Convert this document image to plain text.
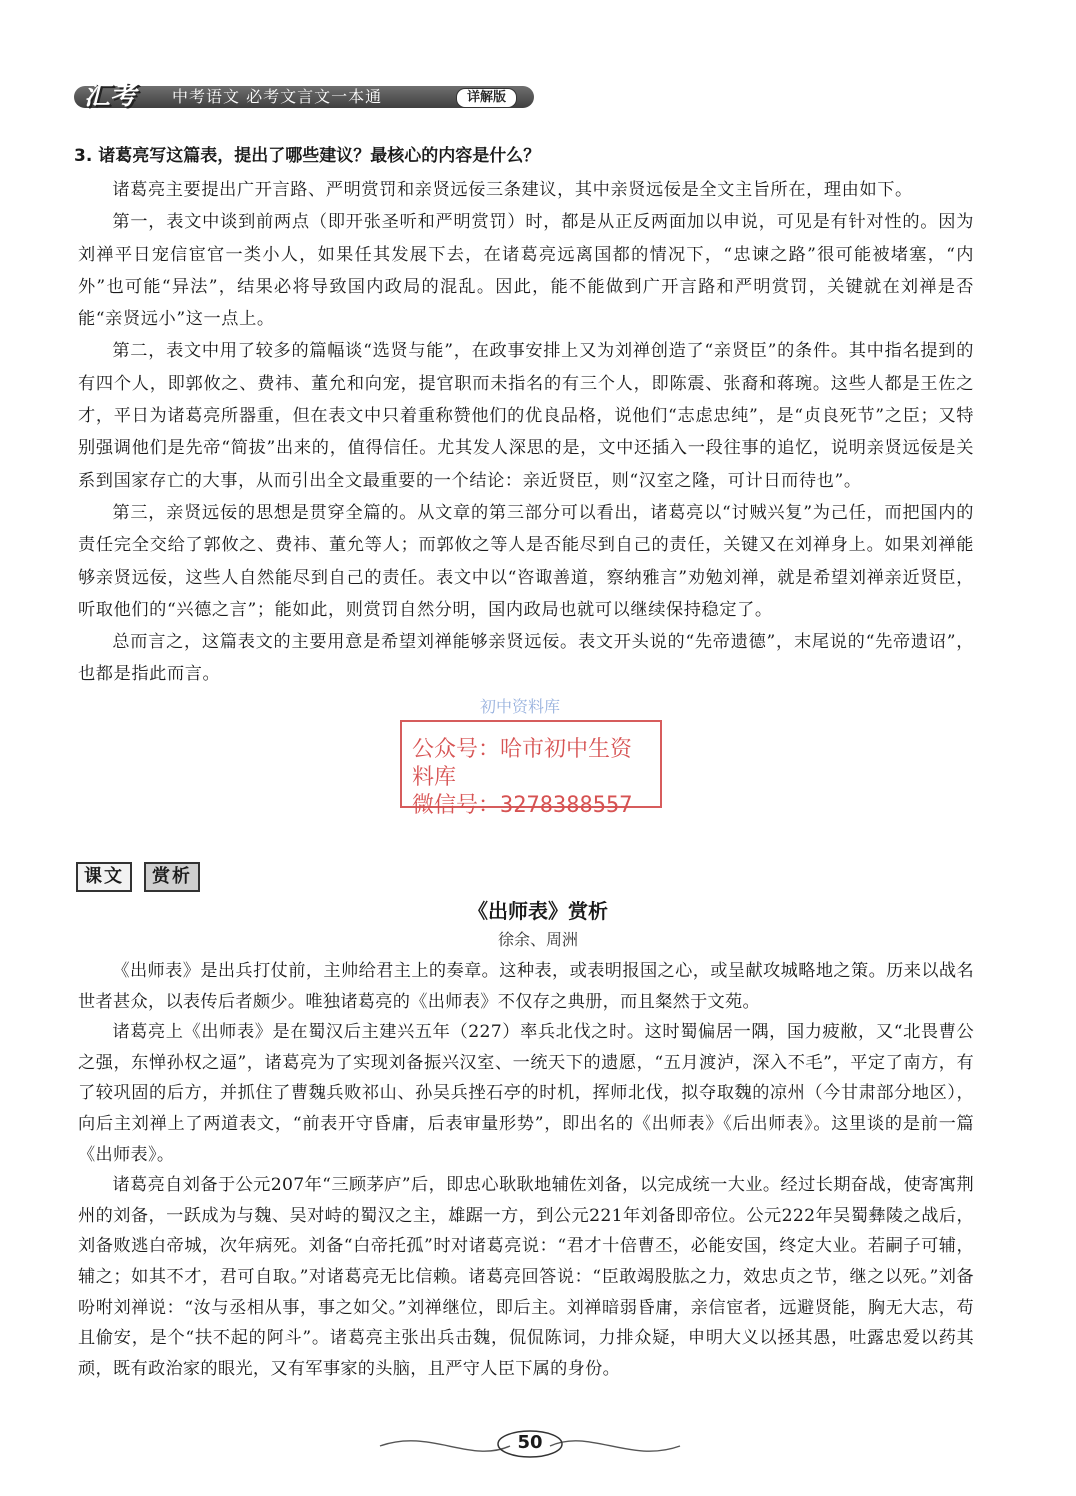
汇考	中考语文 必考文言文一本通	详解版
3. 诸葛亮写这篇表，提出了哪些建议？最核心的内容是什么？

诸葛亮主要提出广开言路、严明赏罚和亲贤远佞三条建议，其中亲贤远佞是全文主旨所在，理由如下。

第一，表文中谈到前两点（即开张圣听和严明赏罚）时，都是从正反两面加以申说，可见是有针对性的。因为刘禅平日宠信宦官一类小人，如果任其发展下去，在诸葛亮远离国都的情况下，“忠谏之路”很可能被堵塞，“内外”也可能“异法”，结果必将导致国内政局的混乱。因此，能不能做到广开言路和严明赏罚，关键就在刘禅是否能“亲贤远小”这一点上。

第二，表文中用了较多的篇幅谈“选贤与能”，在政事安排上又为刘禅创造了“亲贤臣”的条件。其中指名提到的有四个人，即郭攸之、费祎、董允和向宠，提官职而未指名的有三个人，即陈震、张裔和蒋琬。这些人都是王佐之才，平日为诸葛亮所器重，但在表文中只着重称赞他们的优良品格，说他们“志虑忠纯”，是“贞良死节”之臣；又特别强调他们是先帝“简拔”出来的，值得信任。尤其发人深思的是，文中还插入一段往事的追忆，说明亲贤远佞是关系到国家存亡的大事，从而引出全文最重要的一个结论：亲近贤臣，则“汉室之隆，可计日而待也”。

第三，亲贤远佞的思想是贯穿全篇的。从文章的第三部分可以看出，诸葛亮以“讨贼兴复”为己任，而把国内的责任完全交给了郭攸之、费祎、董允等人；而郭攸之等人是否能尽到自己的责任，关键又在刘禅身上。如果刘禅能够亲贤远佞，这些人自然能尽到自己的责任。表文中以“咨诹善道，察纳雅言”劝勉刘禅，就是希望刘禅亲近贤臣，听取他们的“兴德之言”；能如此，则赏罚自然分明，国内政局也就可以继续保持稳定了。

总而言之，这篇表文的主要用意是希望刘禅能够亲贤远佞。表文开头说的“先帝遗德”，末尾说的“先帝遗诏”，也都是指此而言。

初中资料库
公众号：哈市初中生资料库
微信号：3278388557
课文	赏析
《出师表》赏析
徐余、周洲

《出师表》是出兵打仗前，主帅给君主上的奏章。这种表，或表明报国之心，或呈献攻城略地之策。历来以战名世者甚众，以表传后者颇少。唯独诸葛亮的《出师表》不仅存之典册，而且粲然于文苑。

诸葛亮上《出师表》是在蜀汉后主建兴五年（227）率兵北伐之时。这时蜀偏居一隅，国力疲敝，又“北畏曹公之强，东惮孙权之逼”，诸葛亮为了实现刘备振兴汉室、一统天下的遗愿，“五月渡泸，深入不毛”，平定了南方，有了较巩固的后方，并抓住了曹魏兵败祁山、孙吴兵挫石亭的时机，挥师北伐，拟夺取魏的凉州（今甘肃部分地区），向后主刘禅上了两道表文，“前表开守昏庸，后表审量形势”，即出名的《出师表》《后出师表》。这里谈的是前一篇《出师表》。

诸葛亮自刘备于公元207年“三顾茅庐”后，即忠心耿耿地辅佐刘备，以完成统一大业。经过长期奋战，使寄寓荆州的刘备，一跃成为与魏、吴对峙的蜀汉之主，雄踞一方，到公元221年刘备即帝位。公元222年吴蜀彝陵之战后，刘备败逃白帝城，次年病死。刘备“白帝托孤”时对诸葛亮说：“君才十倍曹丕，必能安国，终定大业。若嗣子可辅，辅之；如其不才，君可自取。”对诸葛亮无比信赖。诸葛亮回答说：“臣敢竭股肱之力，效忠贞之节，继之以死。”刘备吩咐刘禅说：“汝与丞相从事，事之如父。”刘禅继位，即后主。刘禅暗弱昏庸，亲信宦者，远避贤能，胸无大志，苟且偷安，是个“扶不起的阿斗”。诸葛亮主张出兵击魏，侃侃陈词，力排众疑，申明大义以拯其愚，吐露忠爱以药其顽，既有政治家的眼光，又有军事家的头脑，且严守人臣下属的身份。

50
